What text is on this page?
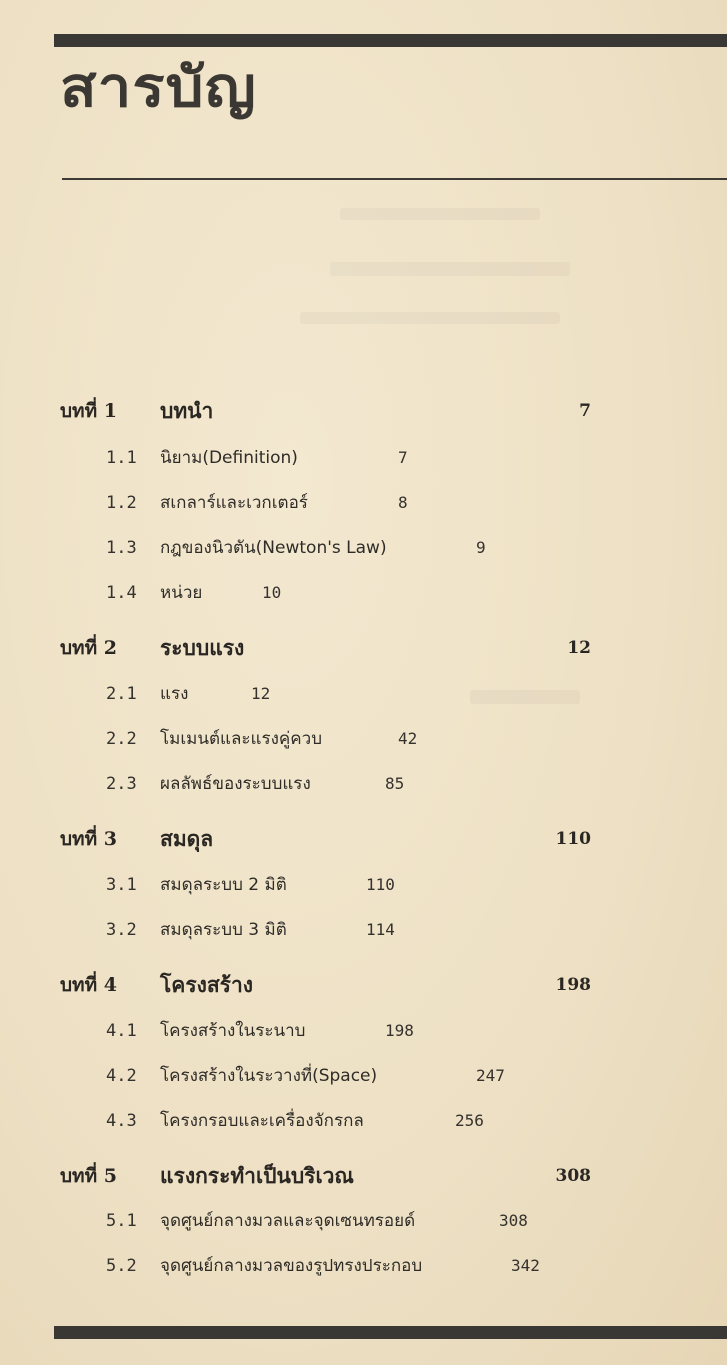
สารบัญ
บทที่ 1 บทนำ	7
1.1 นิยาม(Definition)	7
1.2 สเกลาร์และเวกเตอร์	8
1.3 กฎของนิวตัน(Newton's Law)	9
1.4 หน่วย	10
บทที่ 2 ระบบแรง	12
2.1 แรง	12
2.2 โมเมนต์และแรงคู่ควบ	42
2.3 ผลลัพธ์ของระบบแรง	85
บทที่ 3 สมดุล	110
3.1 สมดุลระบบ 2 มิติ	110
3.2 สมดุลระบบ 3 มิติ	114
บทที่ 4 โครงสร้าง	198
4.1 โครงสร้างในระนาบ	198
4.2 โครงสร้างในระวางที่(Space)	247
4.3 โครงกรอบและเครื่องจักรกล	256
บทที่ 5 แรงกระทำเป็นบริเวณ	308
5.1 จุดศูนย์กลางมวลและจุดเซนทรอยด์	308
5.2 จุดศูนย์กลางมวลของรูปทรงประกอบ	342
